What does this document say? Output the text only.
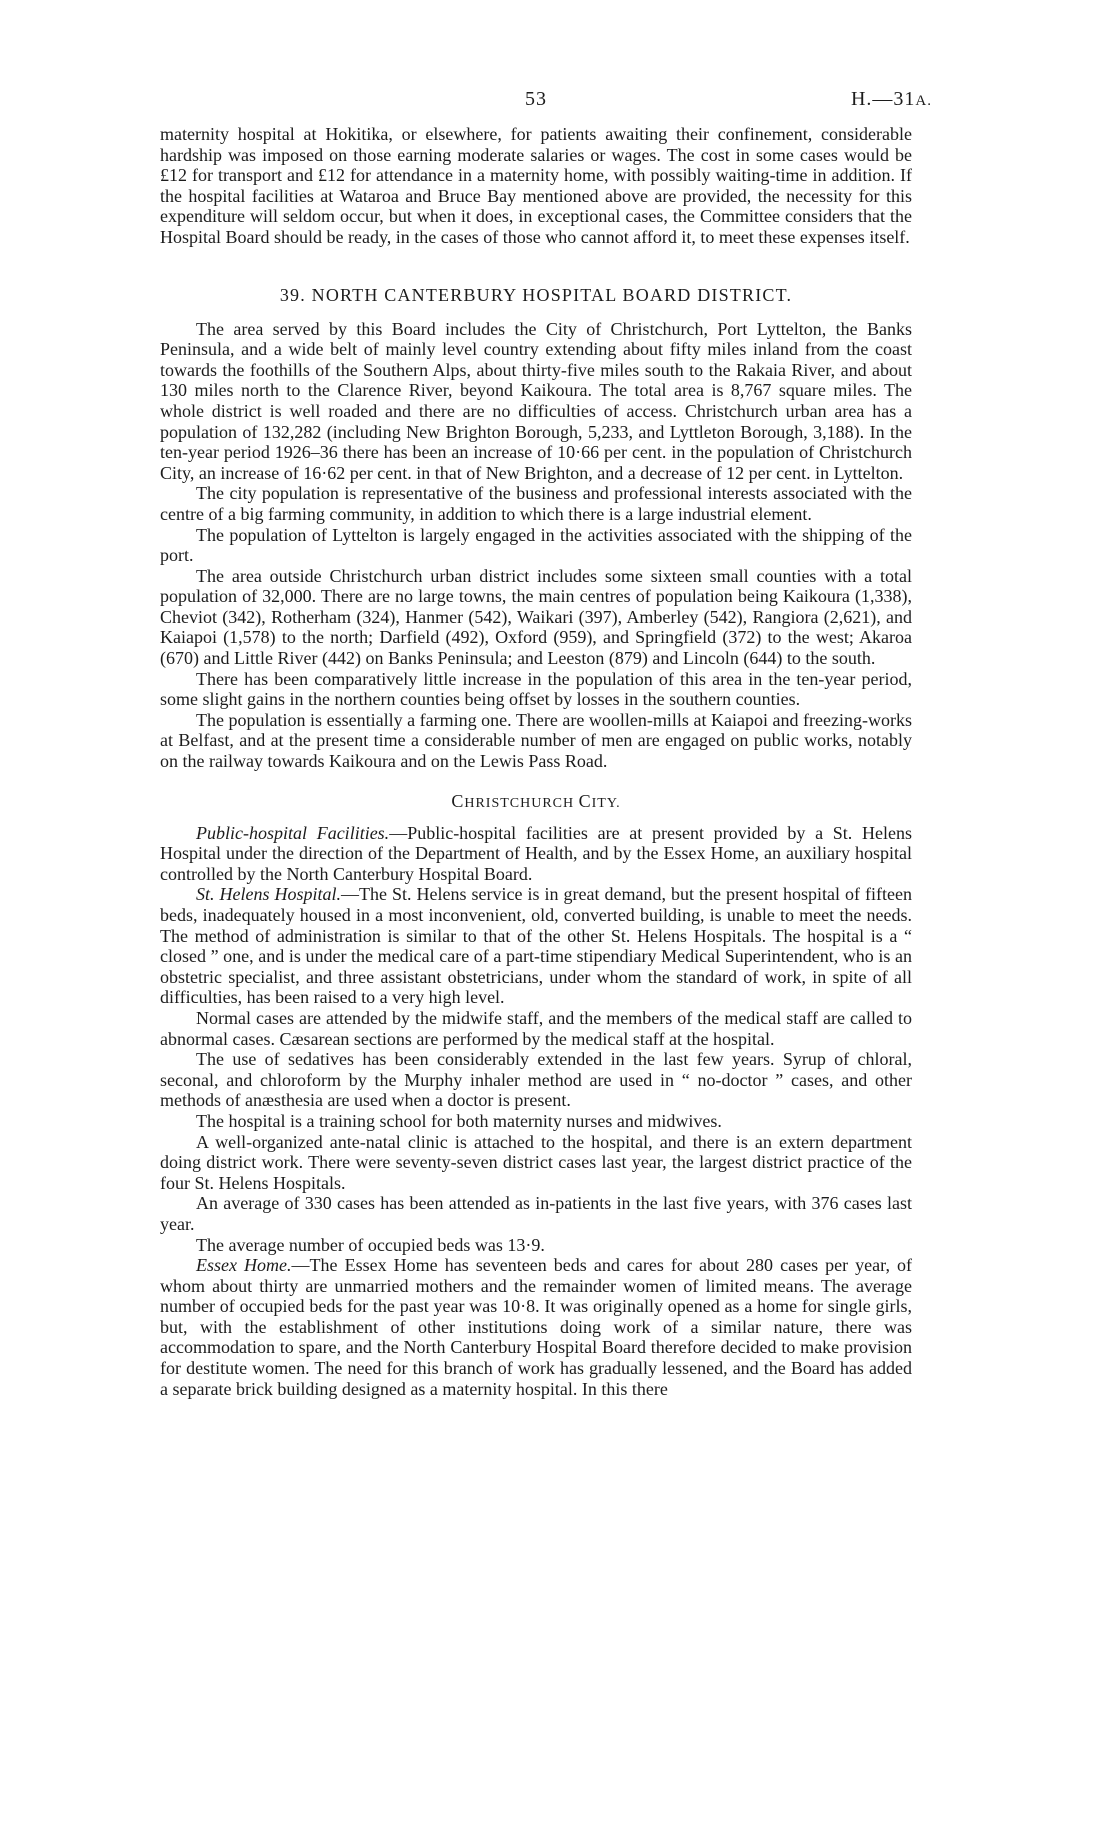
53	H.—31A.

maternity hospital at Hokitika, or elsewhere, for patients awaiting their confinement, considerable hardship was imposed on those earning moderate salaries or wages. The cost in some cases would be £12 for transport and £12 for attendance in a maternity home, with possibly waiting-time in addition. If the hospital facilities at Wataroa and Bruce Bay mentioned above are provided, the necessity for this expenditure will seldom occur, but when it does, in exceptional cases, the Committee considers that the Hospital Board should be ready, in the cases of those who cannot afford it, to meet these expenses itself.

39. NORTH CANTERBURY HOSPITAL BOARD DISTRICT.

The area served by this Board includes the City of Christchurch, Port Lyttelton, the Banks Peninsula, and a wide belt of mainly level country extending about fifty miles inland from the coast towards the foothills of the Southern Alps, about thirty-five miles south to the Rakaia River, and about 130 miles north to the Clarence River, beyond Kaikoura. The total area is 8,767 square miles. The whole district is well roaded and there are no difficulties of access. Christchurch urban area has a population of 132,282 (including New Brighton Borough, 5,233, and Lyttleton Borough, 3,188). In the ten-year period 1926–36 there has been an increase of 10·66 per cent. in the population of Christchurch City, an increase of 16·62 per cent. in that of New Brighton, and a decrease of 12 per cent. in Lyttelton.

The city population is representative of the business and professional interests associated with the centre of a big farming community, in addition to which there is a large industrial element.

The population of Lyttelton is largely engaged in the activities associated with the shipping of the port.

The area outside Christchurch urban district includes some sixteen small counties with a total population of 32,000. There are no large towns, the main centres of population being Kaikoura (1,338), Cheviot (342), Rotherham (324), Hanmer (542), Waikari (397), Amberley (542), Rangiora (2,621), and Kaiapoi (1,578) to the north; Darfield (492), Oxford (959), and Springfield (372) to the west; Akaroa (670) and Little River (442) on Banks Peninsula; and Leeston (879) and Lincoln (644) to the south.

There has been comparatively little increase in the population of this area in the ten-year period, some slight gains in the northern counties being offset by losses in the southern counties.

The population is essentially a farming one. There are woollen-mills at Kaiapoi and freezing-works at Belfast, and at the present time a considerable number of men are engaged on public works, notably on the railway towards Kaikoura and on the Lewis Pass Road.

CHRISTCHURCH CITY.

Public-hospital Facilities.—Public-hospital facilities are at present provided by a St. Helens Hospital under the direction of the Department of Health, and by the Essex Home, an auxiliary hospital controlled by the North Canterbury Hospital Board.

St. Helens Hospital.—The St. Helens service is in great demand, but the present hospital of fifteen beds, inadequately housed in a most inconvenient, old, converted building, is unable to meet the needs. The method of administration is similar to that of the other St. Helens Hospitals. The hospital is a “ closed ” one, and is under the medical care of a part-time stipendiary Medical Superintendent, who is an obstetric specialist, and three assistant obstetricians, under whom the standard of work, in spite of all difficulties, has been raised to a very high level.

Normal cases are attended by the midwife staff, and the members of the medical staff are called to abnormal cases. Cæsarean sections are performed by the medical staff at the hospital.

The use of sedatives has been considerably extended in the last few years. Syrup of chloral, seconal, and chloroform by the Murphy inhaler method are used in “ no-doctor ” cases, and other methods of anæsthesia are used when a doctor is present.

The hospital is a training school for both maternity nurses and midwives.

A well-organized ante-natal clinic is attached to the hospital, and there is an extern department doing district work. There were seventy-seven district cases last year, the largest district practice of the four St. Helens Hospitals.

An average of 330 cases has been attended as in-patients in the last five years, with 376 cases last year.

The average number of occupied beds was 13·9.

Essex Home.—The Essex Home has seventeen beds and cares for about 280 cases per year, of whom about thirty are unmarried mothers and the remainder women of limited means. The average number of occupied beds for the past year was 10·8. It was originally opened as a home for single girls, but, with the establishment of other institutions doing work of a similar nature, there was accommodation to spare, and the North Canterbury Hospital Board therefore decided to make provision for destitute women. The need for this branch of work has gradually lessened, and the Board has added a separate brick building designed as a maternity hospital. In this there
